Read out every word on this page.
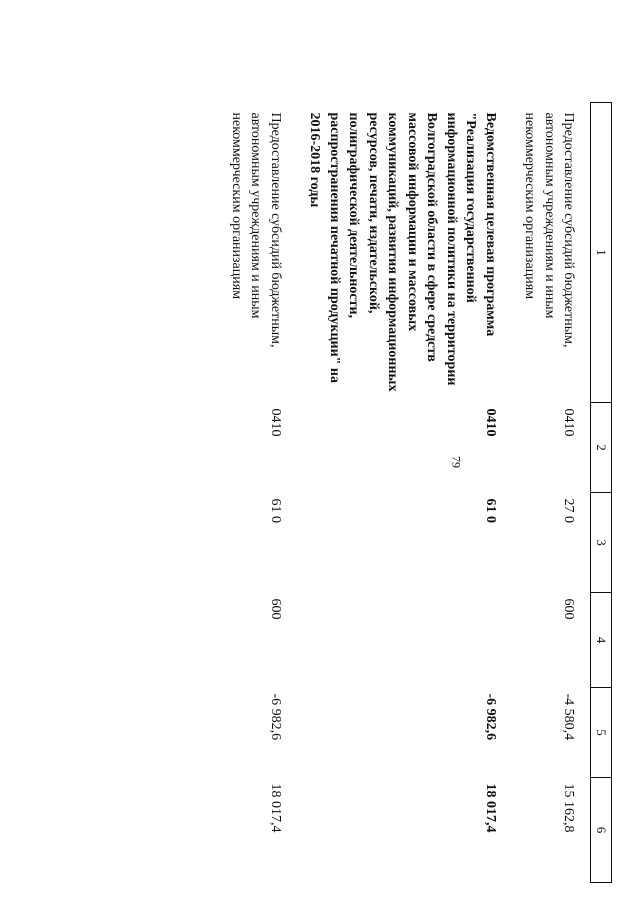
79
1	2	3	4	5	6
Предоставление субсидий бюджетным, автономным учреждениям и иным некоммерческим организациям	0410	27 0	600	-4 580,4	15 162,8
Ведомственная целевая программа "Реализация государственной информационной политики на территории Волгоградской области в сфере средств массовой информации и массовых коммуникаций, развития информационных ресурсов, печати, издательской, полиграфической деятельности, распространения печатной продукции" на 2016-2018 годы	0410	61 0		-6 982,6	18 017,4
Предоставление субсидий бюджетным, автономным учреждениям и иным некоммерческим организациям	0410	61 0	600	-6 982,6	18 017,4
